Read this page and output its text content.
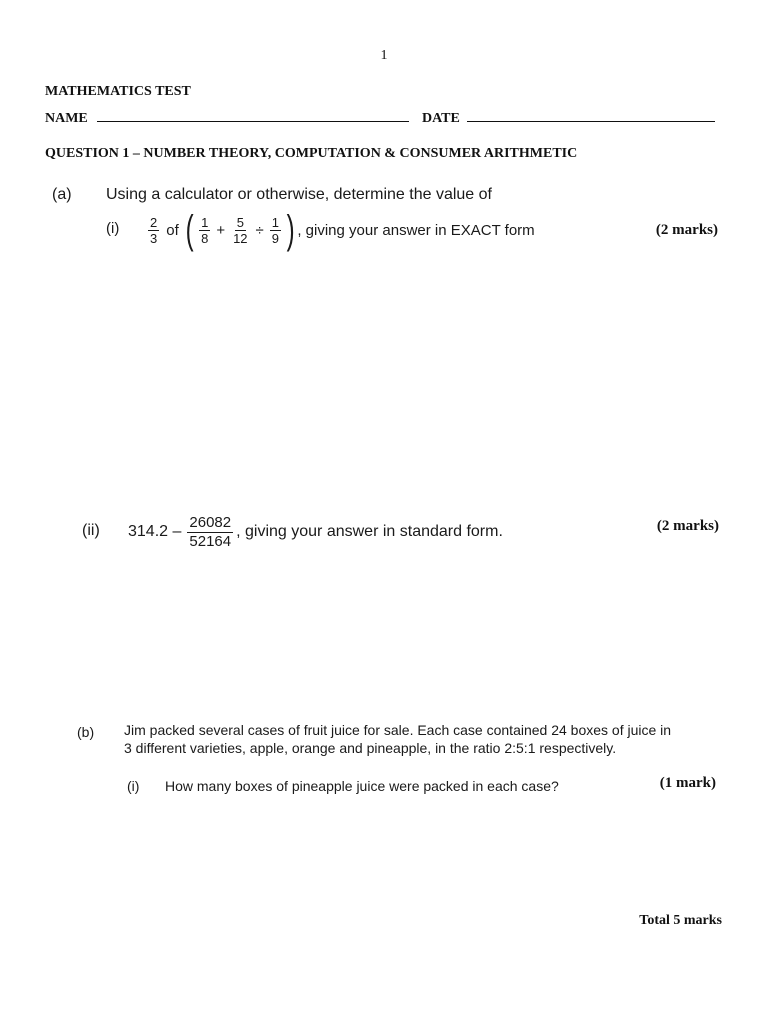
1
MATHEMATICS TEST
NAME	DATE
QUESTION 1 – NUMBER THEORY, COMPUTATION & CONSUMER ARITHMETIC
(a) Using a calculator or otherwise, determine the value of
$(i) \frac{2}{3}$ of ( $\frac{1}{8} + \frac{5}{12} \div \frac{1}{9}$ ) , giving your answer in EXACT form	(2 marks)
(ii) $314.2 - \frac{26082}{52164}$ , giving your answer in standard form.	(2 marks)
(b) Jim packed several cases of fruit juice for sale. Each case contained 24 boxes of juice in
3 different varieties, apple, orange and pineapple, in the ratio 2:5:1 respectively.
(i) How many boxes of pineapple juice were packed in each case?	(1 mark)
Total 5 marks
